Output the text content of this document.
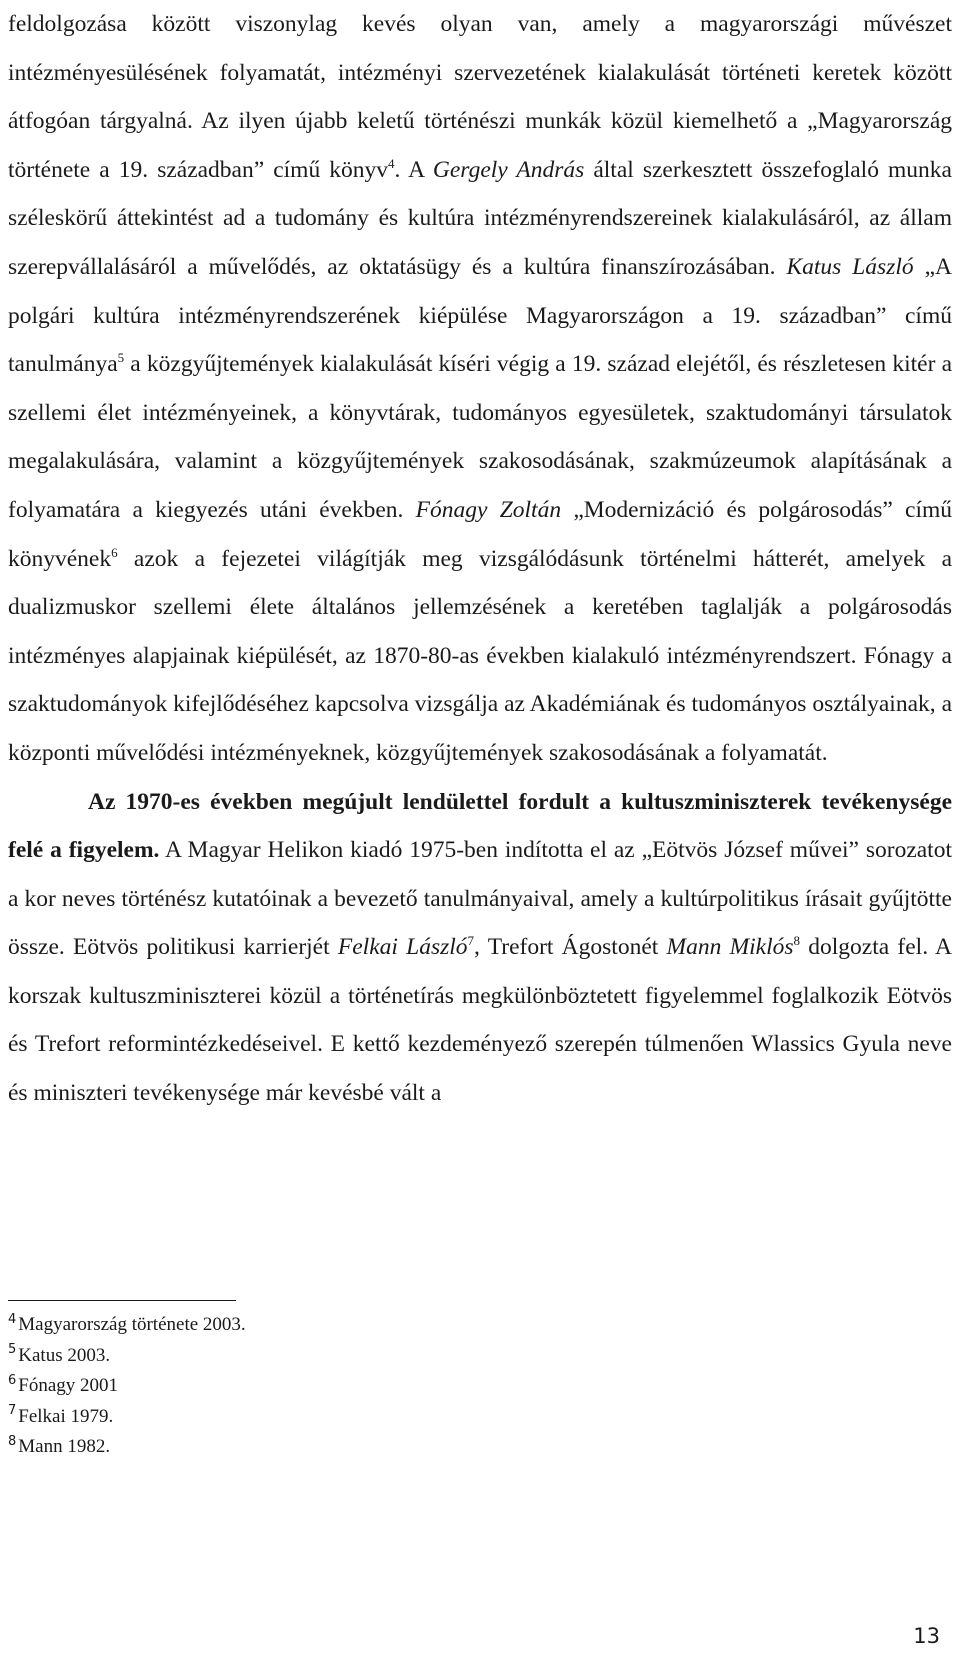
feldolgozása között viszonylag kevés olyan van, amely a magyarországi művészet intézményesülésének folyamatát, intézményi szervezetének kialakulását történeti keretek között átfogóan tárgyalná. Az ilyen újabb keletű történészi munkák közül kiemelhető a „Magyarország története a 19. században” című könyv$^4$. A Gergely András által szerkesztett összefoglaló munka széleskörű áttekintést ad a tudomány és kultúra intézményrendszereinek kialakulásáról, az állam szerepvállalásáról a művelődés, az oktatásügy és a kultúra finanszírozásában. Katus László „A polgári kultúra intézményrendszerének kiépülése Magyarországon a 19. században” című tanulmánya$^5$ a közgyűjtemények kialakulását kíséri végig a 19. század elejétől, és részletesen kitér a szellemi élet intézményeinek, a könyvtárak, tudományos egyesületek, szaktudományi társulatok megalakulására, valamint a közgyűjtemények szakosodásának, szakmúzeumok alapításának a folyamatára a kiegyezés utáni években. Fónagy Zoltán „Modernizáció és polgárosodás” című könyvének$^6$ azok a fejezetei világítják meg vizsgálódásunk történelmi hátterét, amelyek a dualizmuskor szellemi élete általános jellemzésének a keretében taglalják a polgárosodás intézményes alapjainak kiépülését, az 1870-80-as években kialakuló intézményrendszert. Fónagy a szaktudományok kifejlődéséhez kapcsolva vizsgálja az Akadémiának és tudományos osztályainak, a központi művelődési intézményeknek, közgyűjtemények szakosodásának a folyamatát.

Az 1970-es években megújult lendülettel fordult a kultuszminiszterek tevékenysége felé a figyelem. A Magyar Helikon kiadó 1975-ben indította el az „Eötvös József művei” sorozatot a kor neves történész kutatóinak a bevezető tanulmányaival, amely a kultúrpolitikus írásait gyűjtötte össze. Eötvös politikusi karrierjét Felkai László$^7$, Trefort Ágostonét Mann Miklós$^8$ dolgozta fel. A korszak kultuszminiszterei közül a történetírás megkülönböztetett figyelemmel foglalkozik Eötvös és Trefort reformintézkedéseivel. E kettő kezdeményező szerepén túlmenően Wlassics Gyula neve és miniszteri tevékenysége már kevésbé vált a

$^4$ Magyarország története 2003.

$^5$ Katus 2003.

$^6$ Fónagy 2001

$^7$ Felkai 1979.

$^8$ Mann 1982.

13
